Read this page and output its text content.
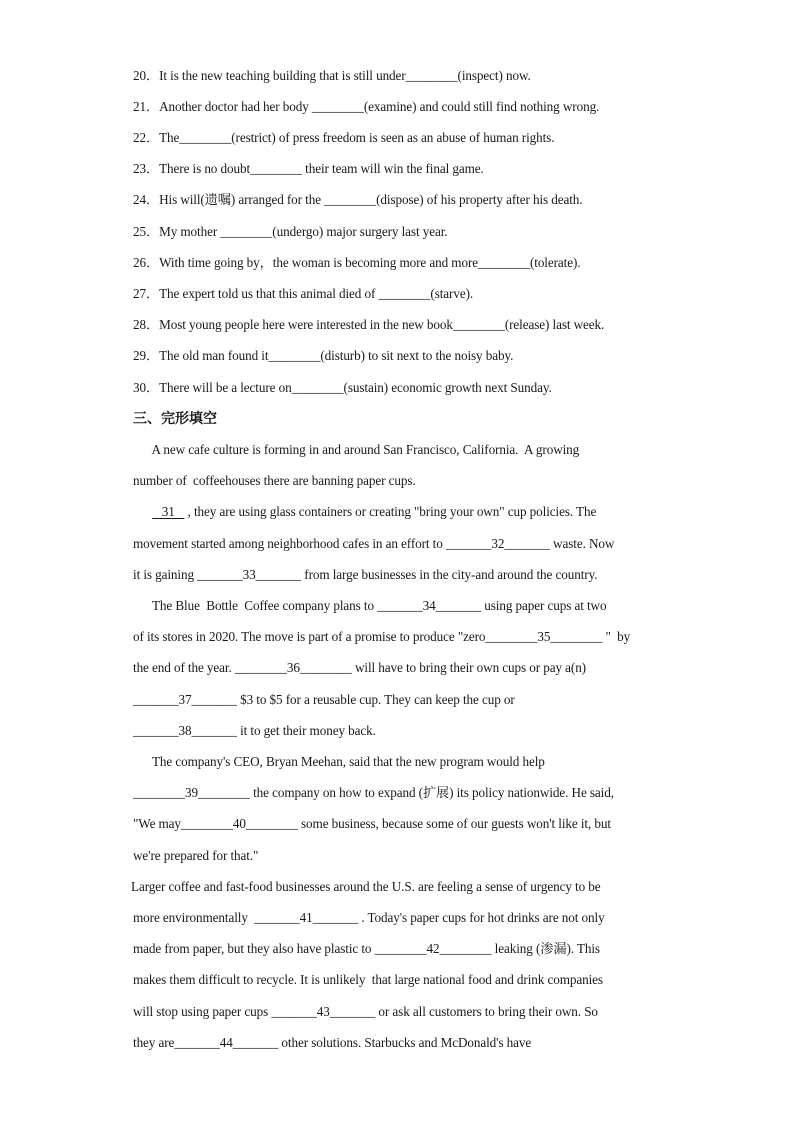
20．It is the new teaching building that is still under________(inspect) now.
21．Another doctor had her body ________(examine) and could still find nothing wrong.
22．The________(restrict) of press freedom is seen as an abuse of human rights.
23．There is no doubt________ their team will win the final game.
24．His will(遗嘱) arranged for the ________(dispose) of his property after his death.
25．My mother ________(undergo) major surgery last year.
26．With time going by，the woman is becoming more and more________(tolerate).
27．The expert told us that this animal died of ________(starve).
28．Most young people here were interested in the new book________(release) last week.
29．The old man found it________(disturb) to sit next to the noisy baby.
30．There will be a lecture on________(sustain) economic growth next Sunday.
三、完形填空
A new cafe culture is forming in and around San Francisco, California.  A growing
number of  coffeehouses there are banning paper cups.
31    , they are using glass containers or creating "bring your own" cup policies. The
movement started among neighborhood cafes in an effort to _______32_______ waste. Now
it is gaining _______33_______ from large businesses in the city-and around the country.
The Blue  Bottle  Coffee company plans to _______34_______ using paper cups at two
of its stores in 2020. The move is part of a promise to produce "zero________35________ "  by
the end of the year. ________36________ will have to bring their own cups or pay a(n)
_______37_______ $3 to $5 for a reusable cup. They can keep the cup or
_______38_______ it to get their money back.
The company's CEO, Bryan Meehan, said that the new program would help
________39________ the company on how to expand (扩展) its policy nationwide. He said,
"We may________40________ some business, because some of our guests won't like it, but
we're prepared for that."
Larger coffee and fast-food businesses around the U.S. are feeling a sense of urgency to be
more environmentally  _______41_______ . Today's paper cups for hot drinks are not only
made from paper, but they also have plastic to ________42________ leaking (渗漏). This
makes them difficult to recycle. It is unlikely  that large national food and drink companies
will stop using paper cups _______43_______ or ask all customers to bring their own. So
they are_______44_______ other solutions. Starbucks and McDonald's have
